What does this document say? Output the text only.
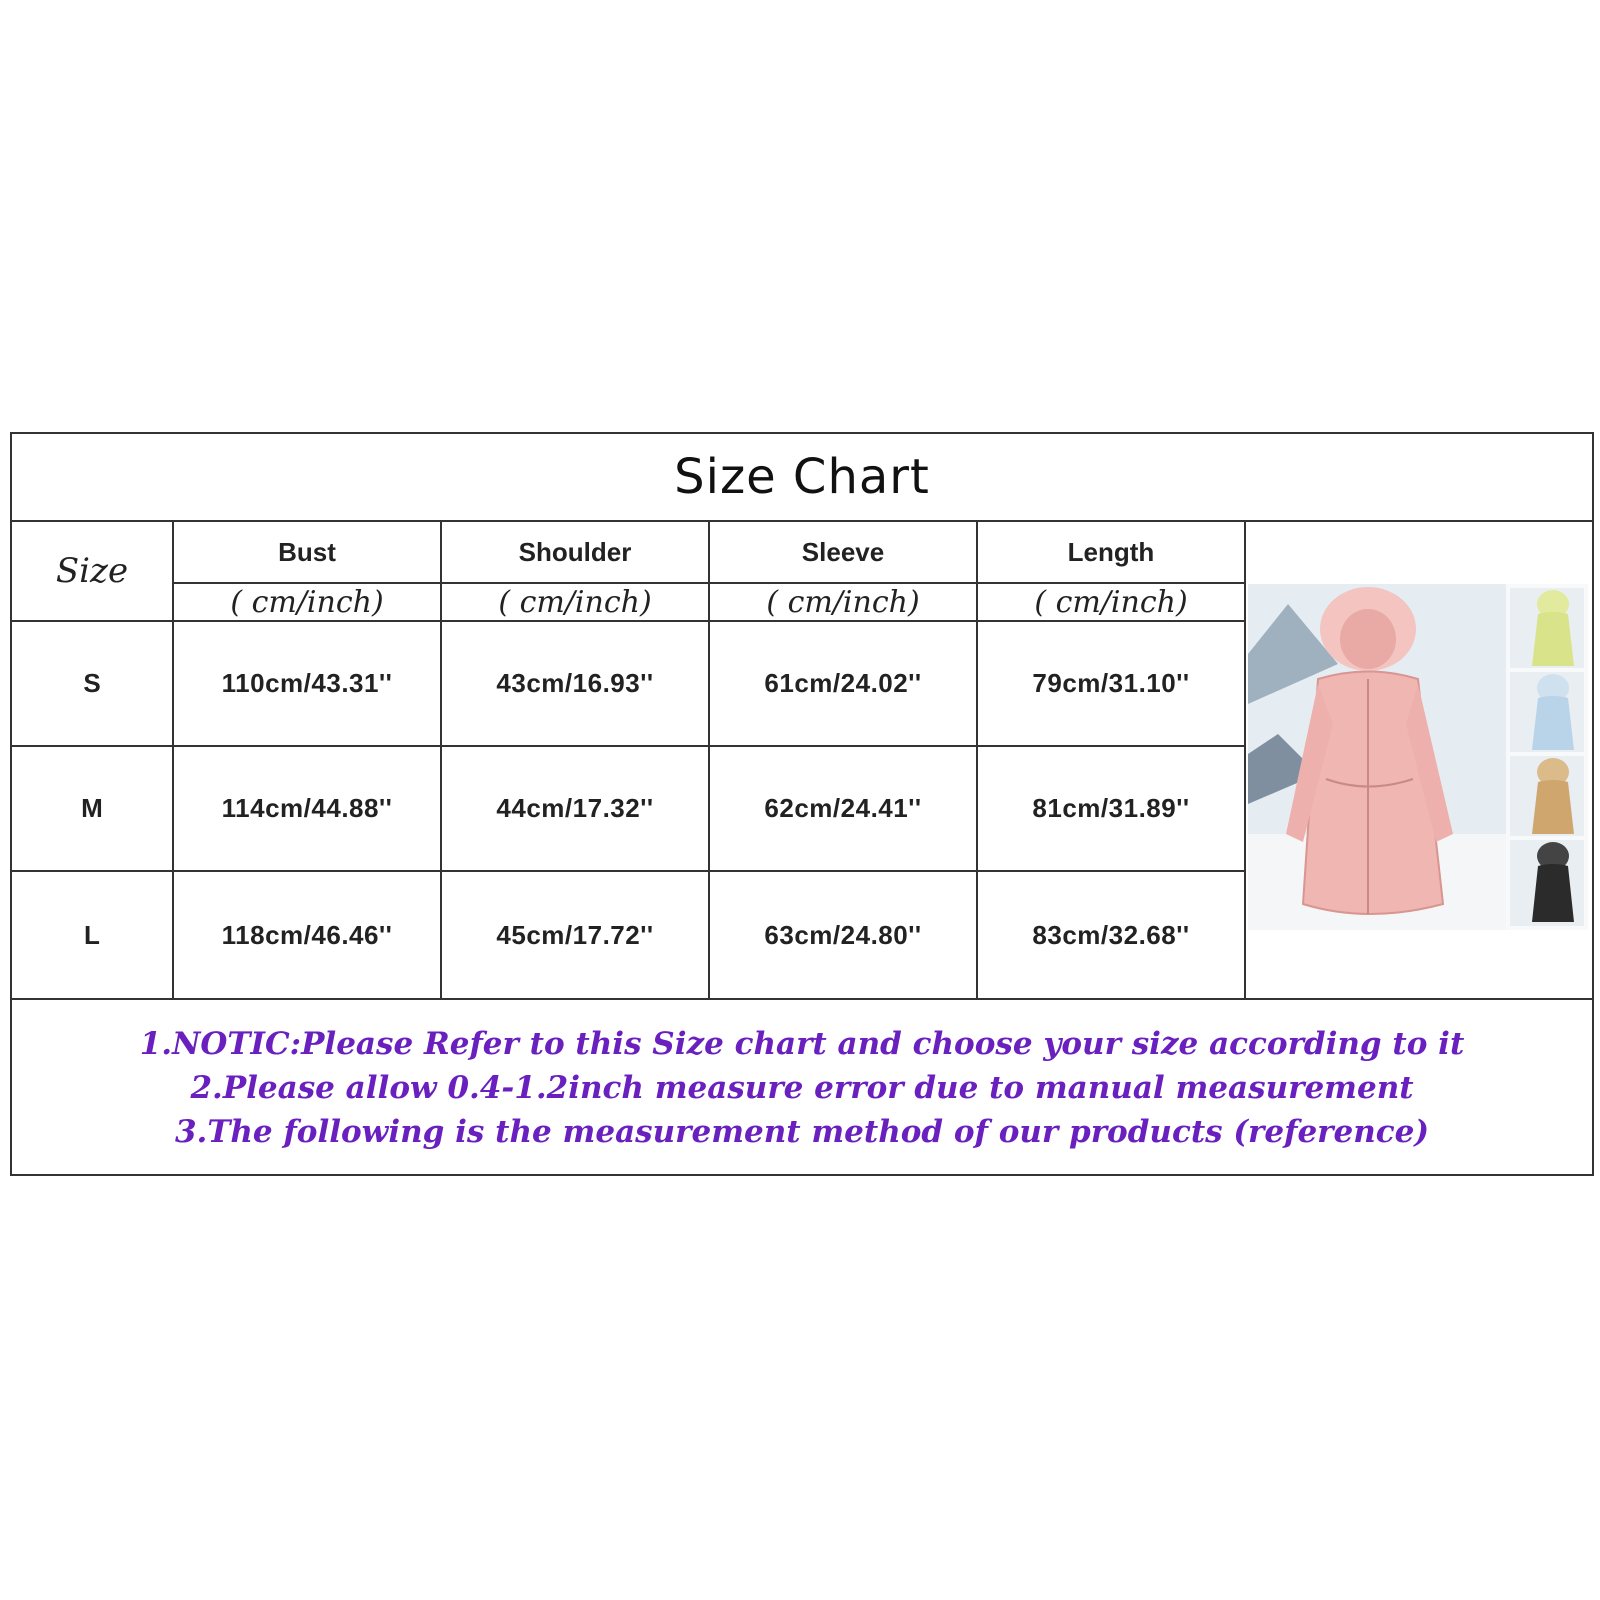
Size Chart
Size	Bust	Shoulder	Sleeve	Length
( cm/inch)	( cm/inch)	( cm/inch)	( cm/inch)
S	110cm/43.31''	43cm/16.93''	61cm/24.02''	79cm/31.10''
M	114cm/44.88''	44cm/17.32''	62cm/24.41''	81cm/31.89''
L	118cm/46.46''	45cm/17.72''	63cm/24.80''	83cm/32.68''
1.NOTIC:Please Refer to this Size chart and choose your size according to it
2.Please allow 0.4-1.2inch measure error due to manual measurement
3.The following is the measurement method of our products (reference)
